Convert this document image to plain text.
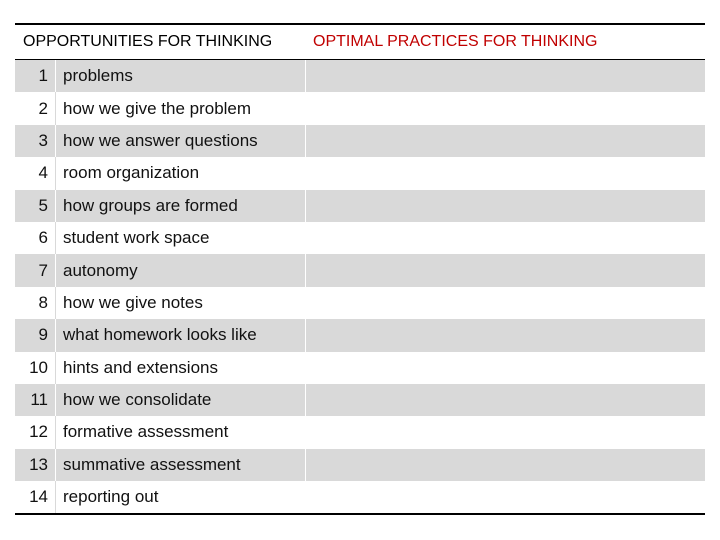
OPPORTUNITIES FOR THINKING	OPTIMAL PRACTICES FOR THINKING
1 problems
2 how we give the problem
3 how we answer questions
4 room organization
5 how groups are formed
6 student work space
7 autonomy
8 how we give notes
9 what homework looks like
10 hints and extensions
11 how we consolidate
12 formative assessment
13 summative assessment
14 reporting out
